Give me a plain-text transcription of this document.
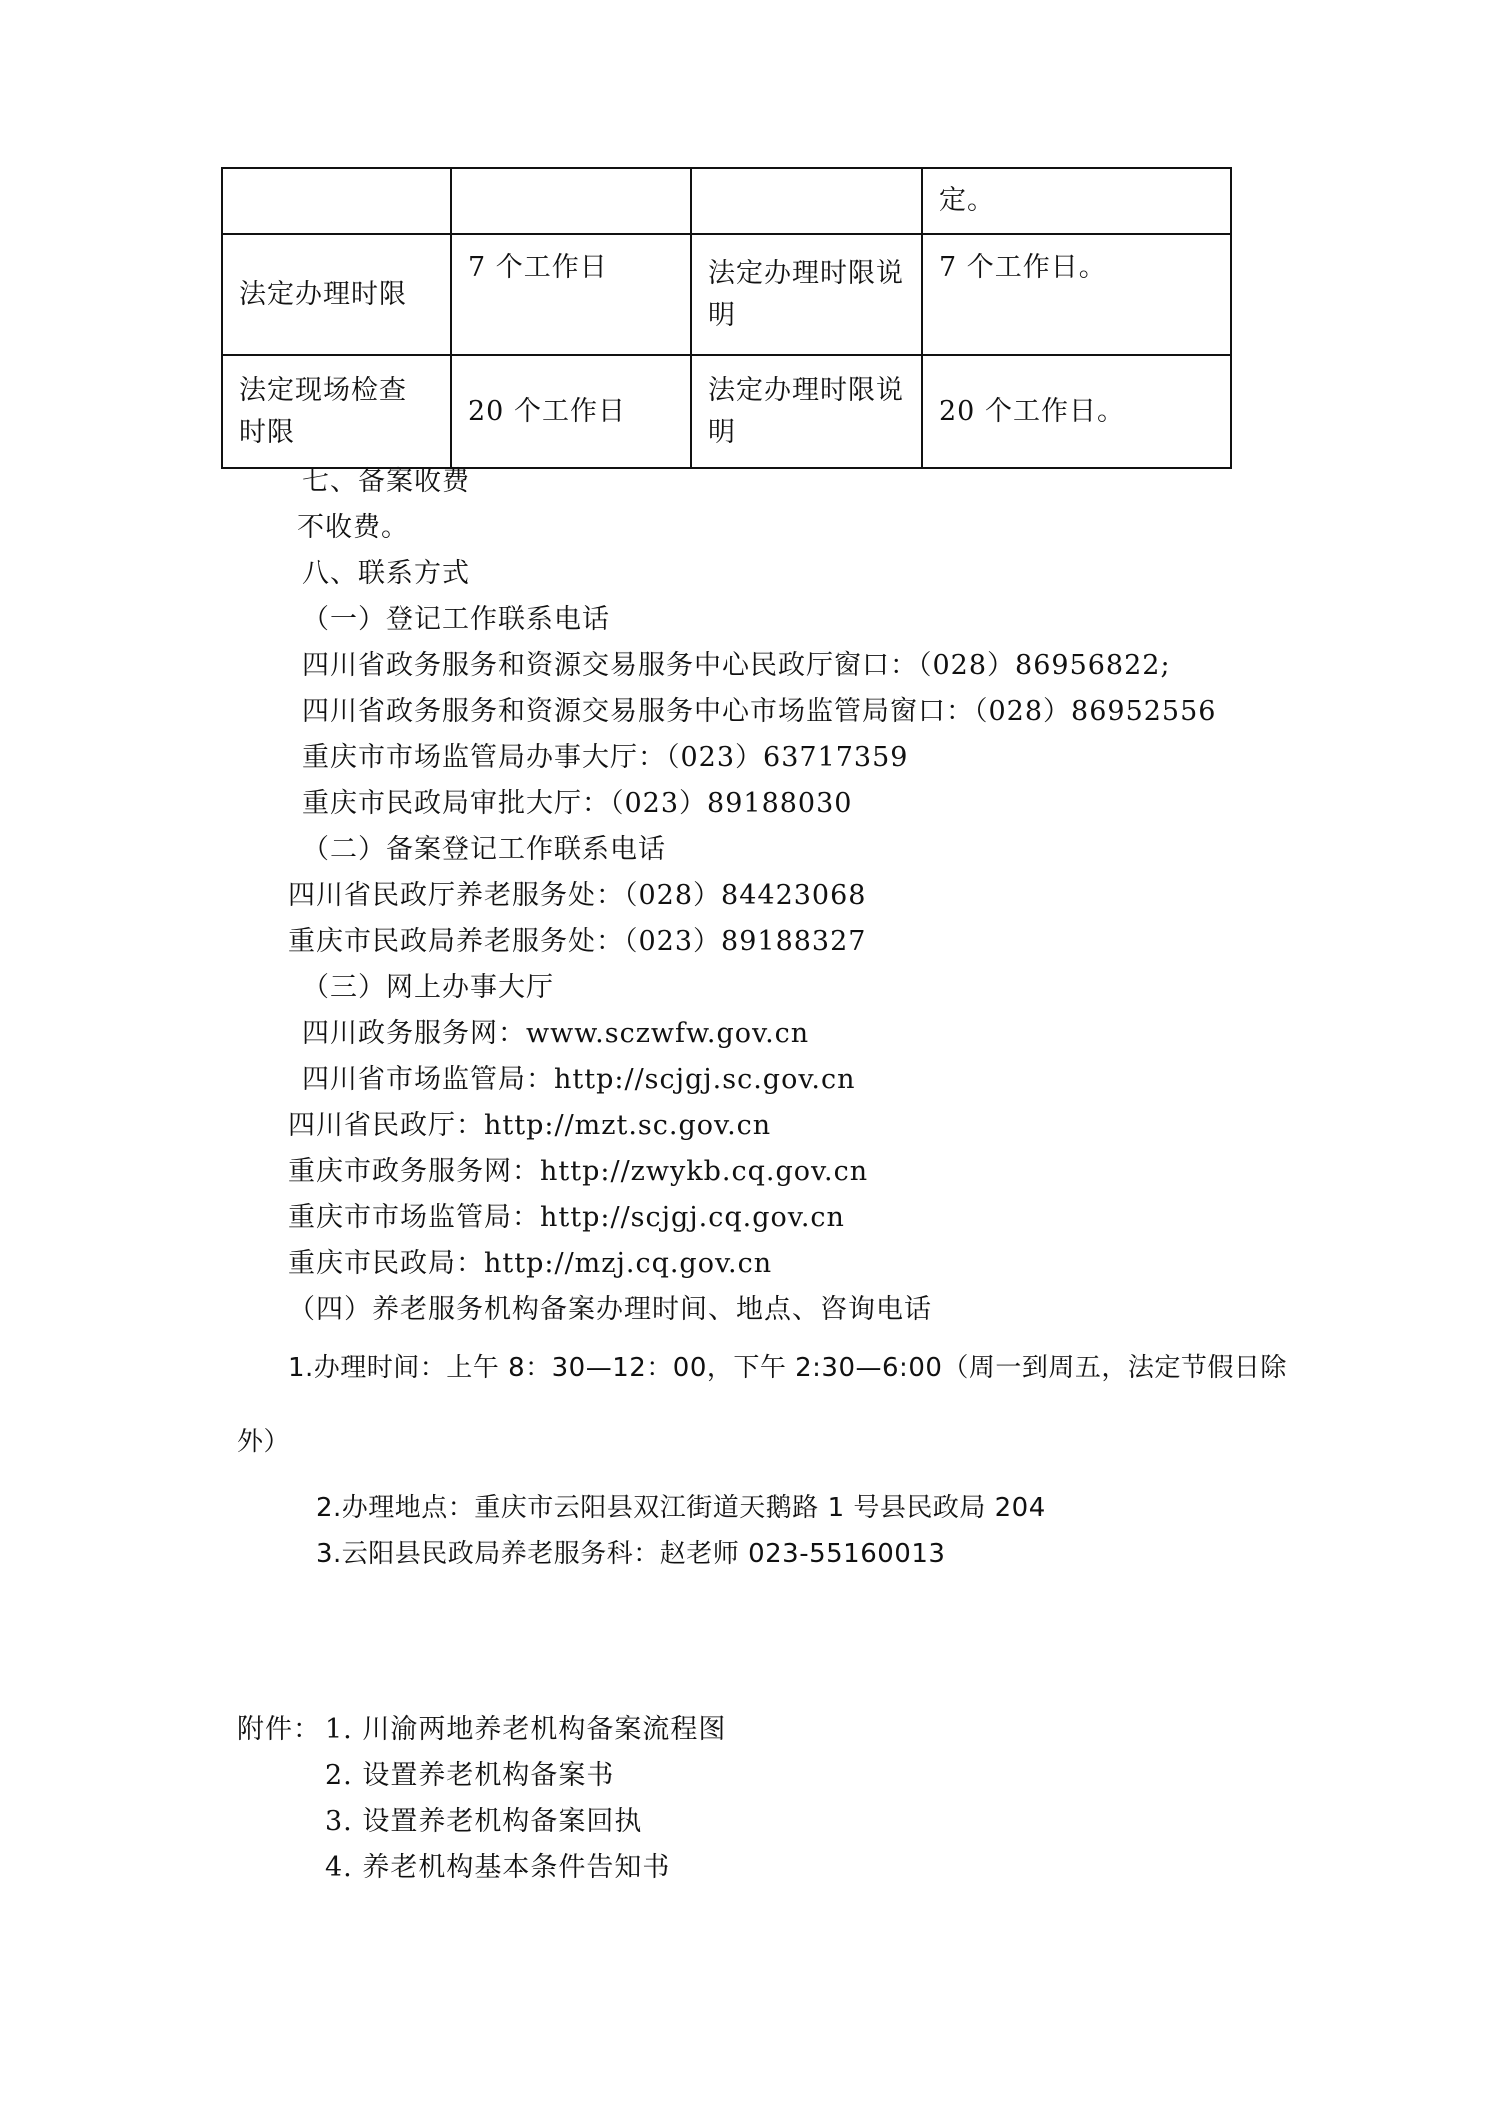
			定。
法定办理时限	7 个工作日	法定办理时限说明	7 个工作日。
法定现场检查时限	20 个工作日	法定办理时限说明	20 个工作日。
七、备案收费
不收费。
八、联系方式
（一）登记工作联系电话
四川省政务服务和资源交易服务中心民政厅窗口：（028）86956822;
四川省政务服务和资源交易服务中心市场监管局窗口：（028）86952556
重庆市市场监管局办事大厅：（023）63717359
重庆市民政局审批大厅：（023）89188030
（二）备案登记工作联系电话
四川省民政厅养老服务处：（028）84423068
重庆市民政局养老服务处：（023）89188327
（三）网上办事大厅
四川政务服务网：www.sczwfw.gov.cn
四川省市场监管局：http://scjgj.sc.gov.cn
四川省民政厅：http://mzt.sc.gov.cn
重庆市政务服务网：http://zwykb.cq.gov.cn
重庆市市场监管局：http://scjgj.cq.gov.cn
重庆市民政局：http://mzj.cq.gov.cn
（四）养老服务机构备案办理时间、地点、咨询电话
1.办理时间：上午 8：30—12：00，下午 2:30—6:00（周一到周五，法定节假日除
外）
2.办理地点：重庆市云阳县双江街道天鹅路 1 号县民政局 204
3.云阳县民政局养老服务科：赵老师 023-55160013
附件： 1. 川渝两地养老机构备案流程图
2. 设置养老机构备案书
3. 设置养老机构备案回执
4. 养老机构基本条件告知书
